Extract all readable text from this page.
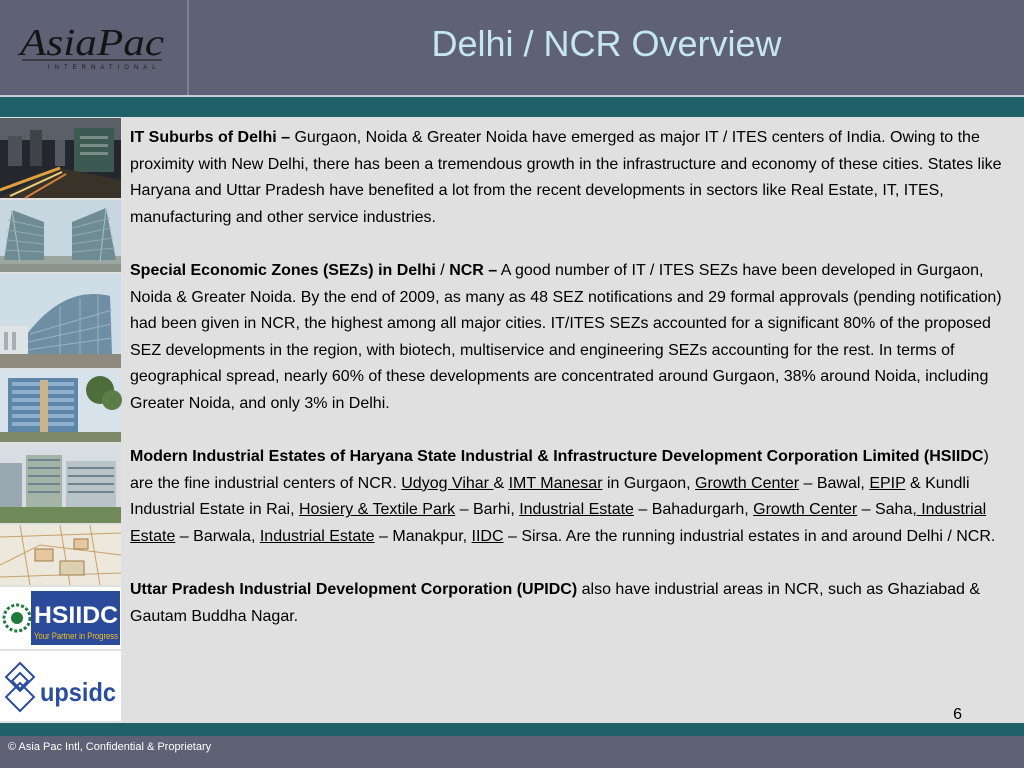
AsiaPac
INTERNATIONAL
Delhi / NCR Overview
HSIIDC
Your Partner in Progress
upsidc

IT Suburbs of Delhi – Gurgaon, Noida & Greater Noida have emerged as major IT / ITES centers of India. Owing to the proximity with New Delhi, there has been a tremendous growth in the infrastructure and economy of these cities. States like Haryana and Uttar Pradesh have benefited a lot from the recent developments in sectors like Real Estate, IT, ITES, manufacturing and other service industries.

Special Economic Zones (SEZs) in Delhi / NCR – A good number of IT / ITES SEZs have been developed in Gurgaon, Noida & Greater Noida. By the end of 2009, as many as 48 SEZ notifications and 29 formal approvals (pending notification) had been given in NCR, the highest among all major cities. IT/ITES SEZs accounted for a significant 80% of the proposed SEZ developments in the region, with biotech, multiservice and engineering SEZs accounting for the rest. In terms of geographical spread, nearly 60% of these developments are concentrated around Gurgaon, 38% around Noida, including Greater Noida, and only 3% in Delhi.

Modern Industrial Estates of Haryana State Industrial & Infrastructure Development Corporation Limited (HSIIDC) are the fine industrial centers of NCR. Udyog Vihar & IMT Manesar in Gurgaon, Growth Center – Bawal, EPIP & Kundli Industrial Estate in Rai, Hosiery & Textile Park – Barhi, Industrial Estate – Bahadurgarh, Growth Center – Saha, Industrial Estate – Barwala, Industrial Estate – Manakpur, IIDC – Sirsa. Are the running industrial estates in and around Delhi / NCR.

Uttar Pradesh Industrial Development Corporation (UPIDC) also have industrial areas in NCR, such as Ghaziabad & Gautam Buddha Nagar.

6
© Asia Pac Intl, Confidential & Proprietary
